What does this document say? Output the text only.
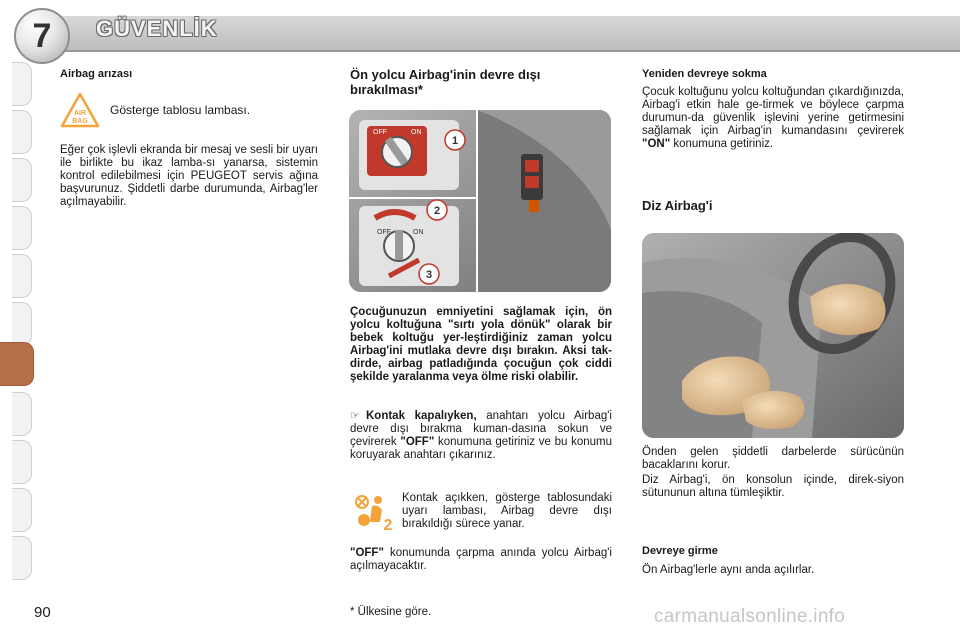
7	GÜVENLİK
Airbag arızası
AIR
BAG
Gösterge tablosu lambası.
Eğer çok işlevli ekranda bir mesaj ve sesli bir uyarı ile birlikte bu ikaz lamba-sı yanarsa, sistemin kontrol edilebilmesi için PEUGEOT servis ağına başvurunuz. Şiddetli darbe durumunda, Airbag'ler açılmayabilir.
Ön yolcu Airbag'inin devre dışı
bırakılması*
OFF	ON
1
OFF	ON
2
3
Çocuğunuzun emniyetini sağlamak için, ön yolcu koltuğuna "sırtı yola dönük" olarak bir bebek koltuğu yer-leştirdiğiniz zaman yolcu Airbag'ini mutlaka devre dışı bırakın. Aksi tak-dirde, airbag patladığında çocuğun çok ciddi şekilde yaralanma veya ölme riski olabilir.
☞ Kontak kapalıyken, anahtarı yolcu Airbag'i devre dışı bırakma kuman-dasına sokun ve çevirerek "OFF" konumuna getiriniz ve bu konumu koruyarak anahtarı çıkarınız.
2
Kontak açıkken, gösterge tablosundaki uyarı lambası, Airbag devre dışı bırakıldığı sürece yanar.
"OFF" konumunda çarpma anında yolcu Airbag'i açılmayacaktır.
* Ülkesine göre.
Yeniden devreye sokma
Çocuk koltuğunu yolcu koltuğundan çıkardığınızda, Airbag'i etkin hale ge-tirmek ve böylece çarpma durumun-da güvenlik işlevini yerine getirmesini sağlamak için Airbag'in kumandasını çevirerek "ON" konumuna getiriniz.
Diz Airbag'i
Önden gelen şiddetli darbelerde sürücünün bacaklarını korur.
Diz Airbag'i, ön konsolun içinde, direk-siyon sütununun altına tümleşiktir.
Devreye girme
Ön Airbag'lerle aynı anda açılırlar.
90	carmanualsonline.info
